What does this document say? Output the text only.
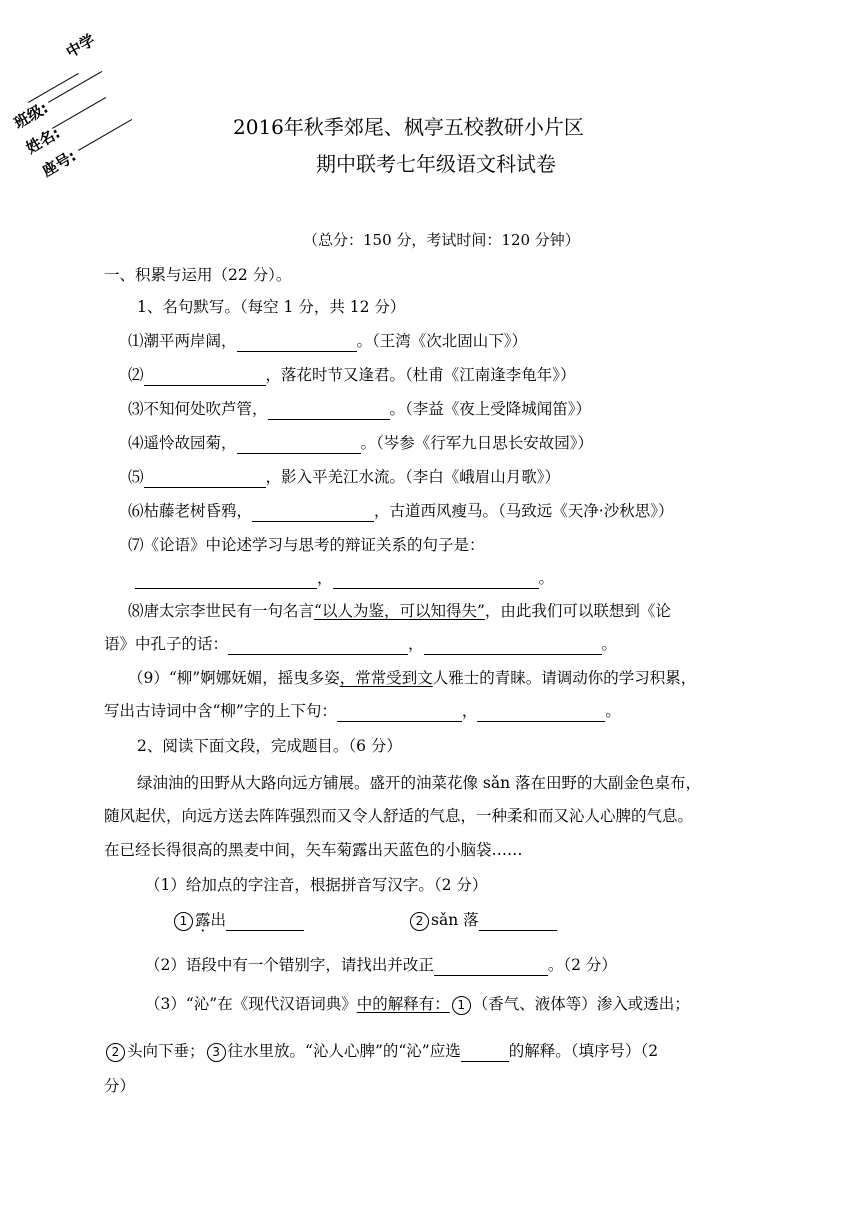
中学
班级:
姓名:
座号:
2016年秋季郊尾、枫亭五校教研小片区
期中联考七年级语文科试卷
（总分：150 分，考试时间：120 分钟）
一、积累与运用（22 分）。
1、名句默写。（每空 1 分，共 12 分）
⑴潮平两岸阔，	。（王湾《次北固山下》）
⑵	，落花时节又逢君。（杜甫《江南逢李龟年》）
⑶不知何处吹芦管，	。（李益《夜上受降城闻笛》）
⑷遥怜故园菊，	。（岑参《行军九日思长安故园》）
⑸	，影入平羌江水流。（李白《峨眉山月歌》）
⑹枯藤老树昏鸦，	，古道西风瘦马。（马致远《天净·沙秋思》）
⑺《论语》中论述学习与思考的辩证关系的句子是：
，	。
⑻唐太宗李世民有一句名言“以人为鉴，可以知得失”，由此我们可以联想到《论
语》中孔子的话：	，	。
（9）“柳”婀娜妩媚，摇曳多姿，常常受到文人雅士的青睐。请调动你的学习积累，
写出古诗词中含“柳”字的上下句：	，	。
2、阅读下面文段，完成题目。（6 分）
绿油油的田野从大路向远方铺展。盛开的油菜花像 sǎn 落在田野的大副金色桌布，
随风起伏，向远方送去阵阵强烈而又令人舒适的气息，一种柔和而又沁人心脾的气息。
在已经长得很高的黑麦中间，矢车菊露出天蓝色的小脑袋……
（1）给加点的字注音，根据拼音写汉字。（2 分）
1 露出	2 sǎn 落
（2）语段中有一个错别字，请找出并改正	。（2 分）
（3）“沁”在《现代汉语词典》中的解释有： 1 （香气、液体等）渗入或透出；
2 头向下垂； 3 往水里放。“沁人心脾”的“沁”应选	的解释。（填序号）（2
分）
